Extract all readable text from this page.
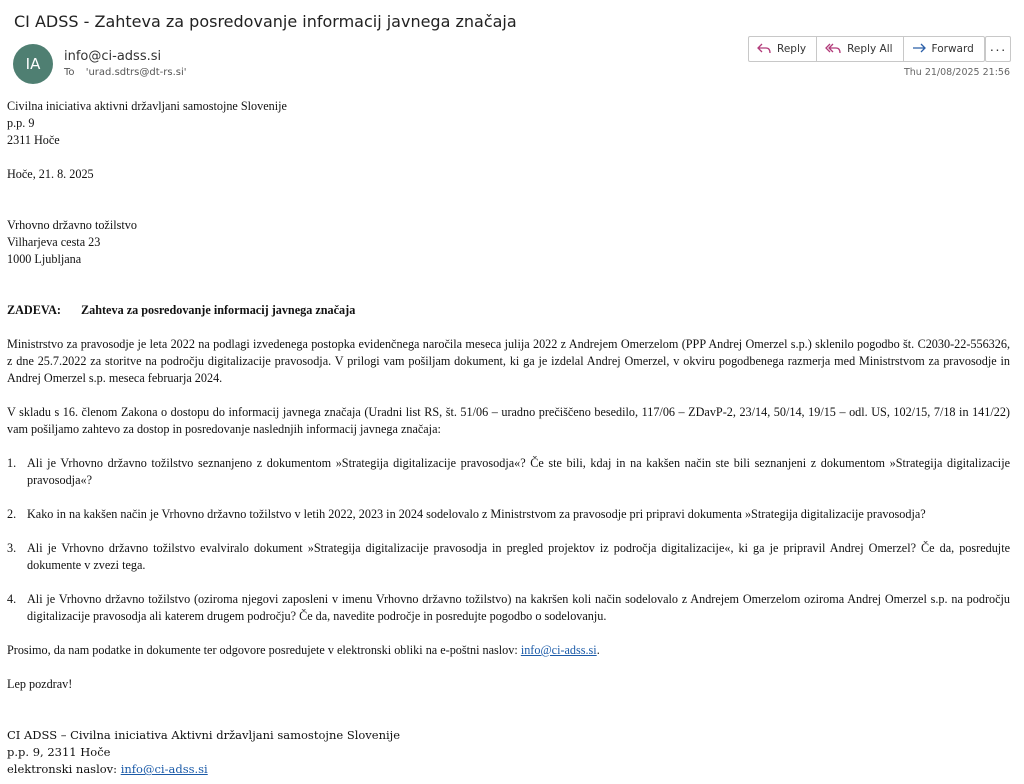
CI ADSS - Zahteva za posredovanje informacij javnega značaja
IA	info@ci-adss.si
To 'urad.sdtrs@dt-rs.si'
Reply	Reply All	Forward	···
Thu 21/08/2025 21:56

Civilna iniciativa aktivni državljani samostojne Slovenije

p.p. 9

2311 Hoče

Hoče, 21. 8. 2025

Vrhovno državno tožilstvo

Vilharjeva cesta 23

1000 Ljubljana

ZADEVA: Zahteva za posredovanje informacij javnega značaja

Ministrstvo za pravosodje je leta 2022 na podlagi izvedenega postopka evidenčnega naročila meseca julija 2022 z Andrejem Omerzelom (PPP Andrej Omerzel s.p.) sklenilo pogodbo št. C2030-22-556326, z dne 25.7.2022 za storitve na področju digitalizacije pravosodja. V prilogi vam pošiljam dokument, ki ga je izdelal Andrej Omerzel, v okviru pogodbenega razmerja med Ministrstvom za pravosodje in Andrej Omerzel s.p. meseca februarja 2024.

V skladu s 16. členom Zakona o dostopu do informacij javnega značaja (Uradni list RS, št. 51/06 – uradno prečiščeno besedilo, 117/06 – ZDavP-2, 23/14, 50/14, 19/15 – odl. US, 102/15, 7/18 in 141/22) vam pošiljamo zahtevo za dostop in posredovanje naslednjih informacij javnega značaja:

1. Ali je Vrhovno državno tožilstvo seznanjeno z dokumentom »Strategija digitalizacije pravosodja«? Če ste bili, kdaj in na kakšen način ste bili seznanjeni z dokumentom »Strategija digitalizacije pravosodja«?
2. Kako in na kakšen način je Vrhovno državno tožilstvo v letih 2022, 2023 in 2024 sodelovalo z Ministrstvom za pravosodje pri pripravi dokumenta »Strategija digitalizacije pravosodja?
3. Ali je Vrhovno državno tožilstvo evalviralo dokument »Strategija digitalizacije pravosodja in pregled projektov iz področja digitalizacije«, ki ga je pripravil Andrej Omerzel? Če da, posredujte dokumente v zvezi tega.
4. Ali je Vrhovno državno tožilstvo (oziroma njegovi zaposleni v imenu Vrhovno državno tožilstvo) na kakršen koli način sodelovalo z Andrejem Omerzelom oziroma Andrej Omerzel s.p. na področju digitalizacije pravosodja ali katerem drugem področju? Če da, navedite področje in posredujte pogodbo o sodelovanju.

Prosimo, da nam podatke in dokumente ter odgovore posredujete v elektronski obliki na e-poštni naslov: info@ci-adss.si.

Lep pozdrav!

CI ADSS – Civilna iniciativa Aktivni državljani samostojne Slovenije

p.p. 9, 2311 Hoče

elektronski naslov: info@ci-adss.si
